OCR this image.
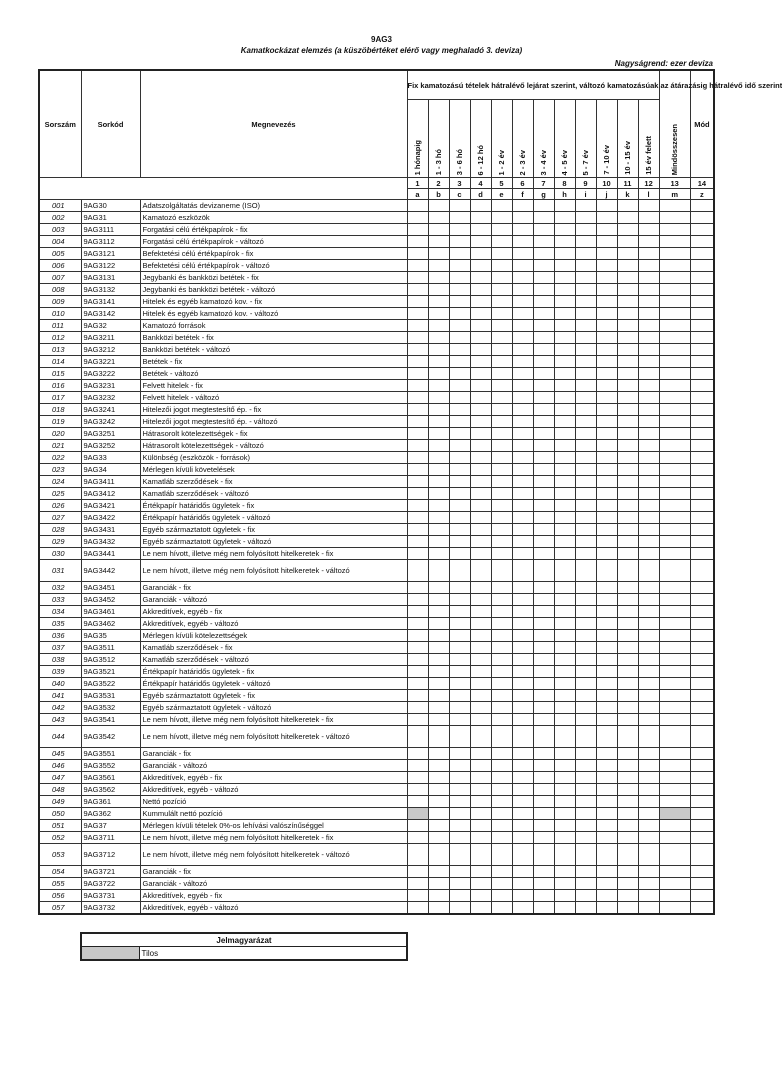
9AG3
Kamatkockázat elemzés (a küszöbértéket elérő vagy meghaladó 3. deviza)
Nagyságrend: ezer deviza
Sorszám	Sorkód	Megnevezés	Fix kamatozású tételek hátralévő lejárat szerint, változó kamatozásúak az átárazásig hátralévő idő szerint												Mindösszesen	Mód
			1 hónapig	1 - 3 hó	3 - 6 hó	6 - 12 hó	1 - 2 év	2 - 3 év	3 - 4 év	4 - 5 év	5 - 7 év	7 - 10 év	10 - 15 év	15 év felett		
			1	2	3	4	5	6	7	8	9	10	11	12	13	14
			a	b	c	d	e	f	g	h	i	j	k	l	m	z
001	9AG30	Adatszolgáltatás devizaneme (ISO)														
002	9AG31	Kamatozó eszközök														
003	9AG3111	Forgatási célú értékpapírok - fix														
004	9AG3112	Forgatási célú értékpapírok - változó														
005	9AG3121	Befektetési célú értékpapírok - fix														
006	9AG3122	Befektetési célú értékpapírok - változó														
007	9AG3131	Jegybanki és bankközi betétek - fix														
008	9AG3132	Jegybanki és bankközi betétek - változó														
009	9AG3141	Hitelek és egyéb kamatozó kov. - fix														
010	9AG3142	Hitelek és egyéb kamatozó kov. - változó														
011	9AG32	Kamatozó források														
012	9AG3211	Bankközi betétek - fix														
013	9AG3212	Bankközi betétek - változó														
014	9AG3221	Betétek - fix														
015	9AG3222	Betétek - változó														
016	9AG3231	Felvett hitelek - fix														
017	9AG3232	Felvett hitelek - változó														
018	9AG3241	Hitelezői jogot megtestesítő ép. - fix														
019	9AG3242	Hitelezői jogot megtestesítő ép. - változó														
020	9AG3251	Hátrasorolt kötelezettségek - fix														
021	9AG3252	Hátrasorolt kötelezettségek - változó														
022	9AG33	Különbség (eszközök - források)														
023	9AG34	Mérlegen kívüli követelések														
024	9AG3411	Kamatláb szerződések - fix														
025	9AG3412	Kamatláb szerződések - változó														
026	9AG3421	Értékpapír határidős ügyletek - fix														
027	9AG3422	Értékpapír határidős ügyletek - változó														
028	9AG3431	Egyéb származtatott ügyletek - fix														
029	9AG3432	Egyéb származtatott ügyletek - változó														
030	9AG3441	Le nem hívott, illetve még nem folyósított hitelkeretek - fix														
031	9AG3442	Le nem hívott, illetve még nem folyósított hitelkeretek - változó														
032	9AG3451	Garanciák - fix														
033	9AG3452	Garanciák - változó														
034	9AG3461	Akkreditívek, egyéb - fix														
035	9AG3462	Akkreditívek, egyéb - változó														
036	9AG35	Mérlegen kívüli kötelezettségek														
037	9AG3511	Kamatláb szerződések - fix														
038	9AG3512	Kamatláb szerződések - változó														
039	9AG3521	Értékpapír határidős ügyletek - fix														
040	9AG3522	Értékpapír határidős ügyletek - változó														
041	9AG3531	Egyéb származtatott ügyletek - fix														
042	9AG3532	Egyéb származtatott ügyletek - változó														
043	9AG3541	Le nem hívott, illetve még nem folyósított hitelkeretek - fix														
044	9AG3542	Le nem hívott, illetve még nem folyósított hitelkeretek - változó														
045	9AG3551	Garanciák - fix														
046	9AG3552	Garanciák - változó														
047	9AG3561	Akkreditívek, egyéb - fix														
048	9AG3562	Akkreditívek, egyéb - változó														
049	9AG361	Nettó pozíció														
050	9AG362	Kummulált nettó pozíció														
051	9AG37	Mérlegen kívüli tételek 0%-os lehívási valószínűséggel														
052	9AG3711	Le nem hívott, illetve még nem folyósított hitelkeretek - fix														
053	9AG3712	Le nem hívott, illetve még nem folyósított hitelkeretek - változó														
054	9AG3721	Garanciák - fix														
055	9AG3722	Garanciák - változó														
056	9AG3731	Akkreditívek, egyéb - fix														
057	9AG3732	Akkreditívek, egyéb - változó														
Jelmagyarázat
	Tilos
